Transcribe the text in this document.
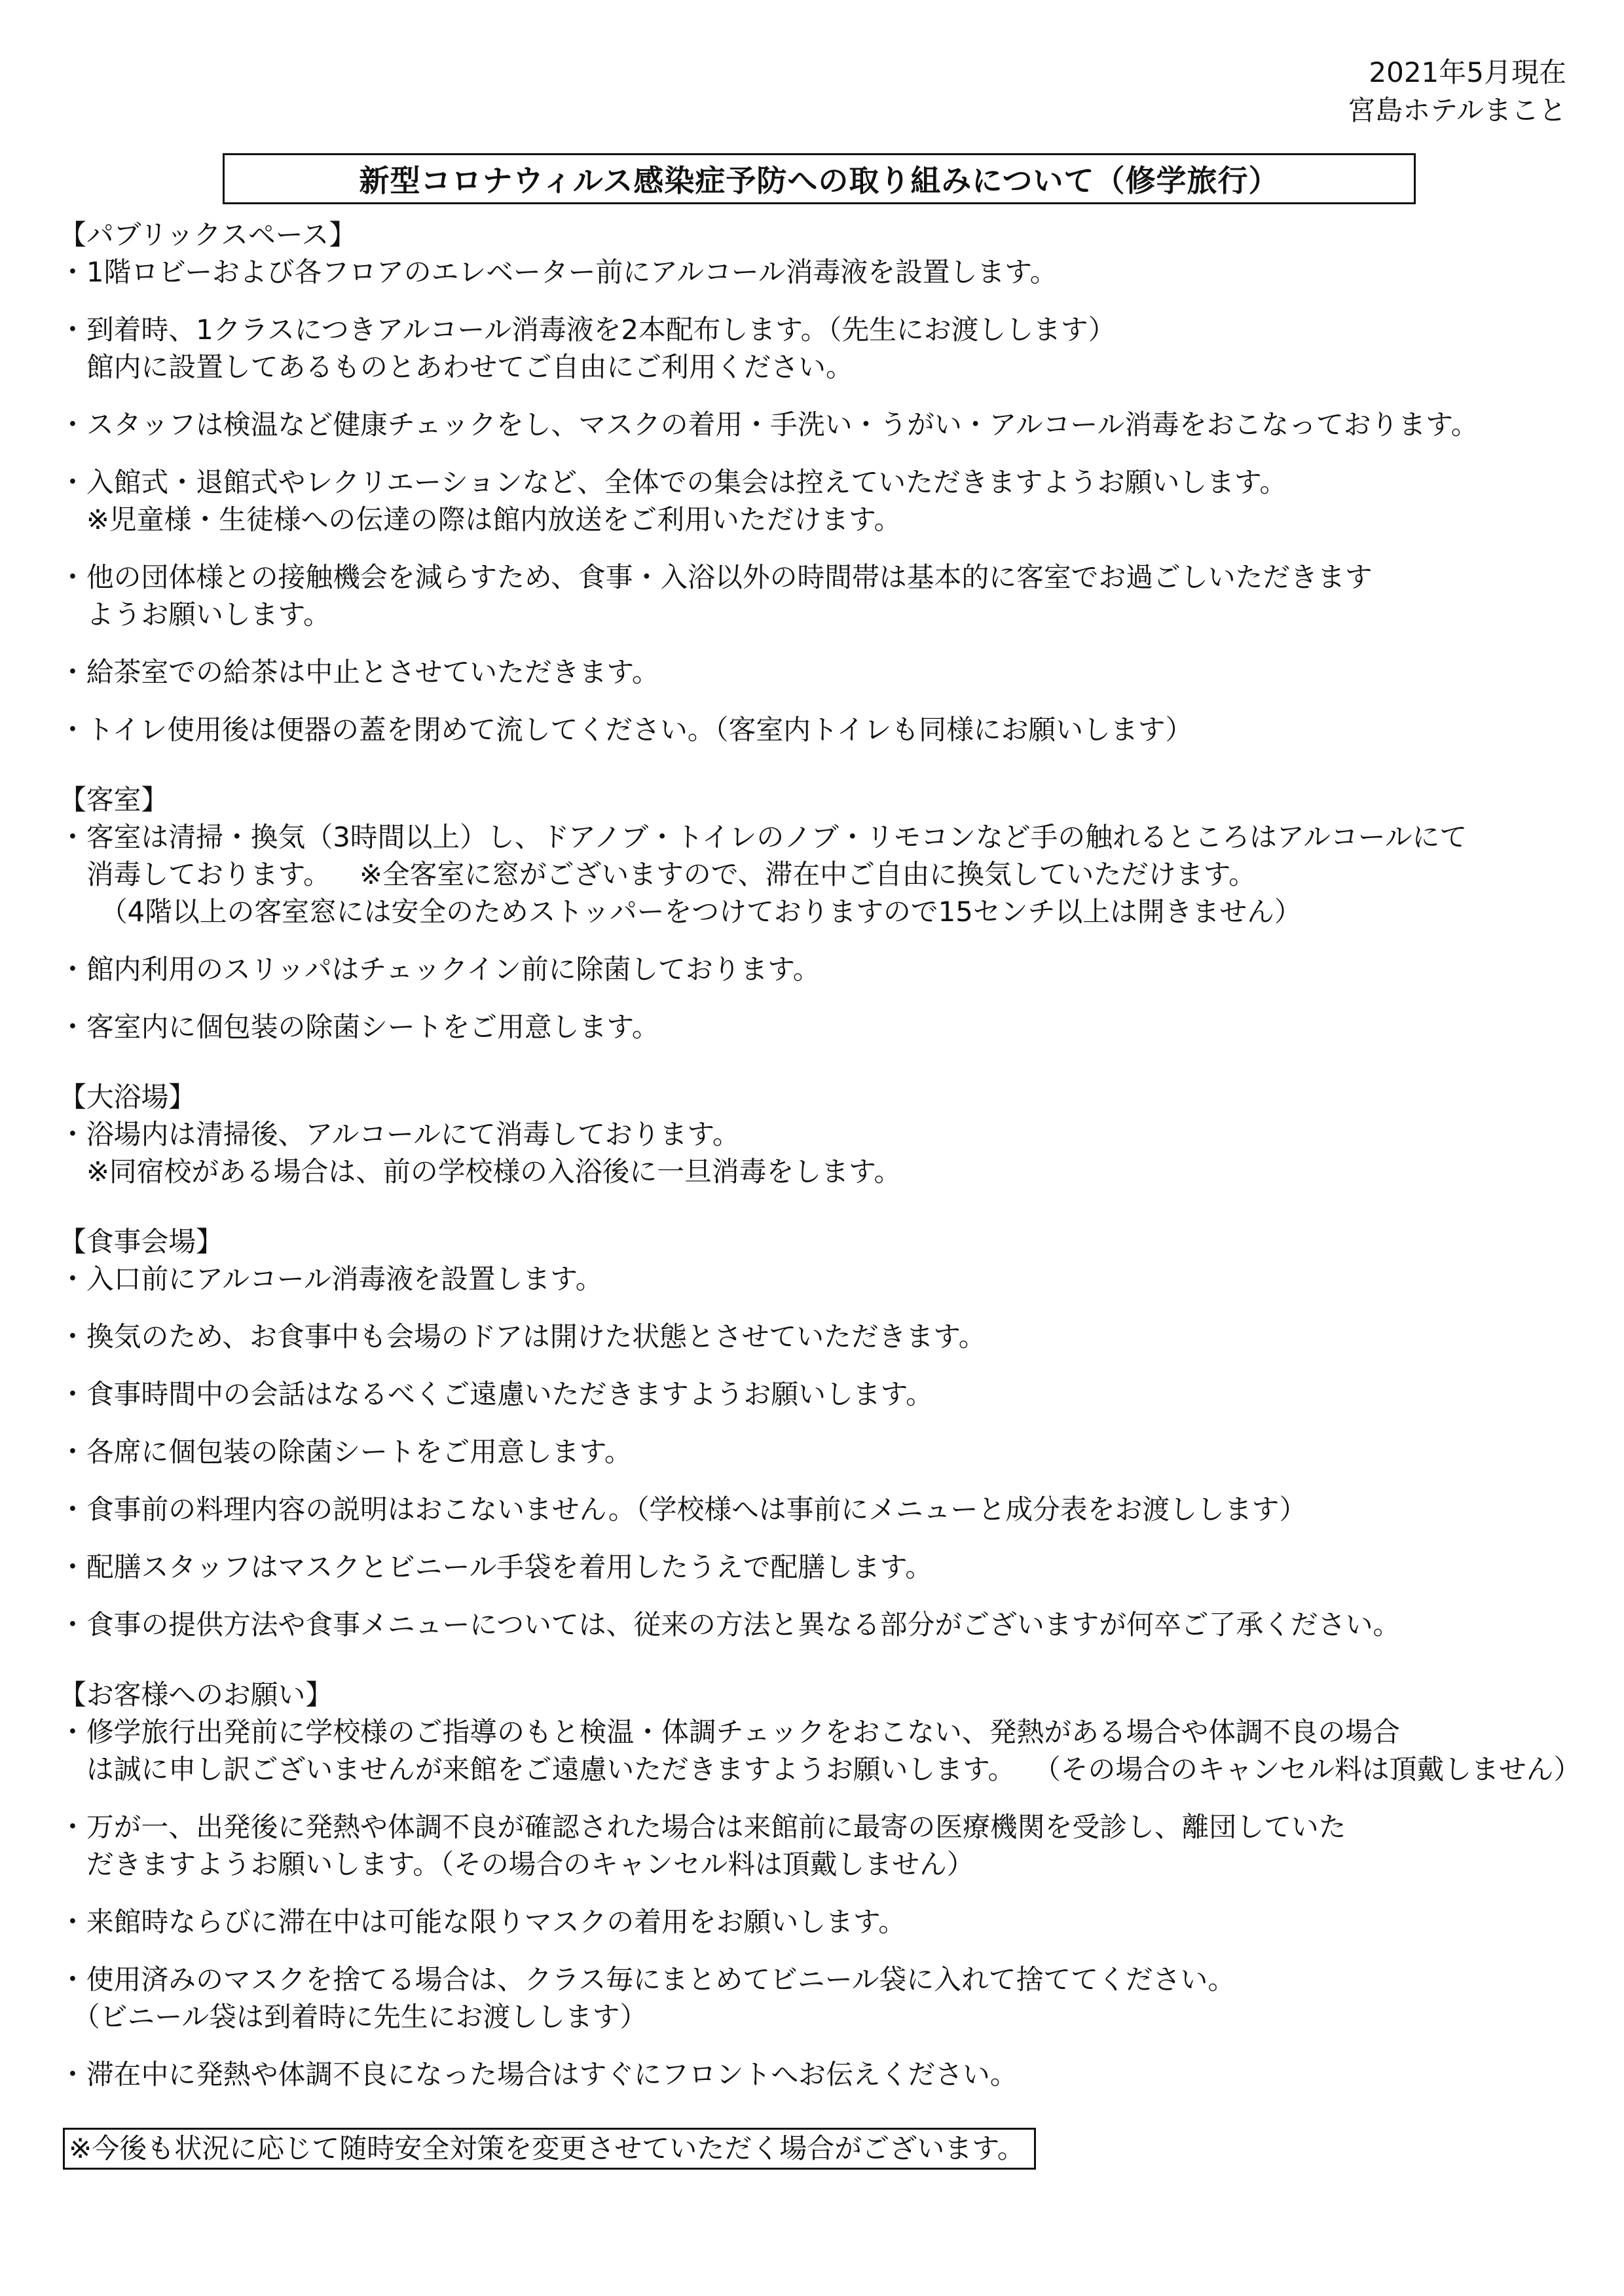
2021年5月現在
宮島ホテルまこと
新型コロナウィルス感染症予防への取り組みについて（修学旅行）
【パブリックスペース】
・1階ロビーおよび各フロアのエレベーター前にアルコール消毒液を設置します。
・到着時、1クラスにつきアルコール消毒液を2本配布します。（先生にお渡しします）　館内に設置してあるものとあわせてご自由にご利用ください。
・スタッフは検温など健康チェックをし、マスクの着用・手洗い・うがい・アルコール消毒をおこなっております。
・入館式・退館式やレクリエーションなど、全体での集会は控えていただきますようお願いします。　※児童様・生徒様への伝達の際は館内放送をご利用いただけます。
・他の団体様との接触機会を減らすため、食事・入浴以外の時間帯は基本的に客室でお過ごしいただきます　ようお願いします。
・給茶室での給茶は中止とさせていただきます。
・トイレ使用後は便器の蓋を閉めて流してください。（客室内トイレも同様にお願いします）
【客室】
・客室は清掃・換気（3時間以上）し、ドアノブ・トイレのノブ・リモコンなど手の触れるところはアルコールにて　消毒しております。　※全客室に窓がございますので、滞在中ご自由に換気していただけます。　　（4階以上の客室窓には安全のためストッパーをつけておりますので15センチ以上は開きません）
・館内利用のスリッパはチェックイン前に除菌しております。
・客室内に個包装の除菌シートをご用意します。
【大浴場】
・浴場内は清掃後、アルコールにて消毒しております。　※同宿校がある場合は、前の学校様の入浴後に一旦消毒をします。
【食事会場】
・入口前にアルコール消毒液を設置します。
・換気のため、お食事中も会場のドアは開けた状態とさせていただきます。
・食事時間中の会話はなるべくご遠慮いただきますようお願いします。
・各席に個包装の除菌シートをご用意します。
・食事前の料理内容の説明はおこないません。（学校様へは事前にメニューと成分表をお渡しします）
・配膳スタッフはマスクとビニール手袋を着用したうえで配膳します。
・食事の提供方法や食事メニューについては、従来の方法と異なる部分がございますが何卒ご了承ください。
【お客様へのお願い】
・修学旅行出発前に学校様のご指導のもと検温・体調チェックをおこない、発熱がある場合や体調不良の場合　は誠に申し訳ございませんが来館をご遠慮いただきますようお願いします。　（その場合のキャンセル料は頂戴しません）
・万が一、出発後に発熱や体調不良が確認された場合は来館前に最寄の医療機関を受診し、離団していた　だきますようお願いします。（その場合のキャンセル料は頂戴しません）
・来館時ならびに滞在中は可能な限りマスクの着用をお願いします。
・使用済みのマスクを捨てる場合は、クラス毎にまとめてビニール袋に入れて捨ててください。　（ビニール袋は到着時に先生にお渡しします）
・滞在中に発熱や体調不良になった場合はすぐにフロントへお伝えください。
※今後も状況に応じて随時安全対策を変更させていただく場合がございます。
